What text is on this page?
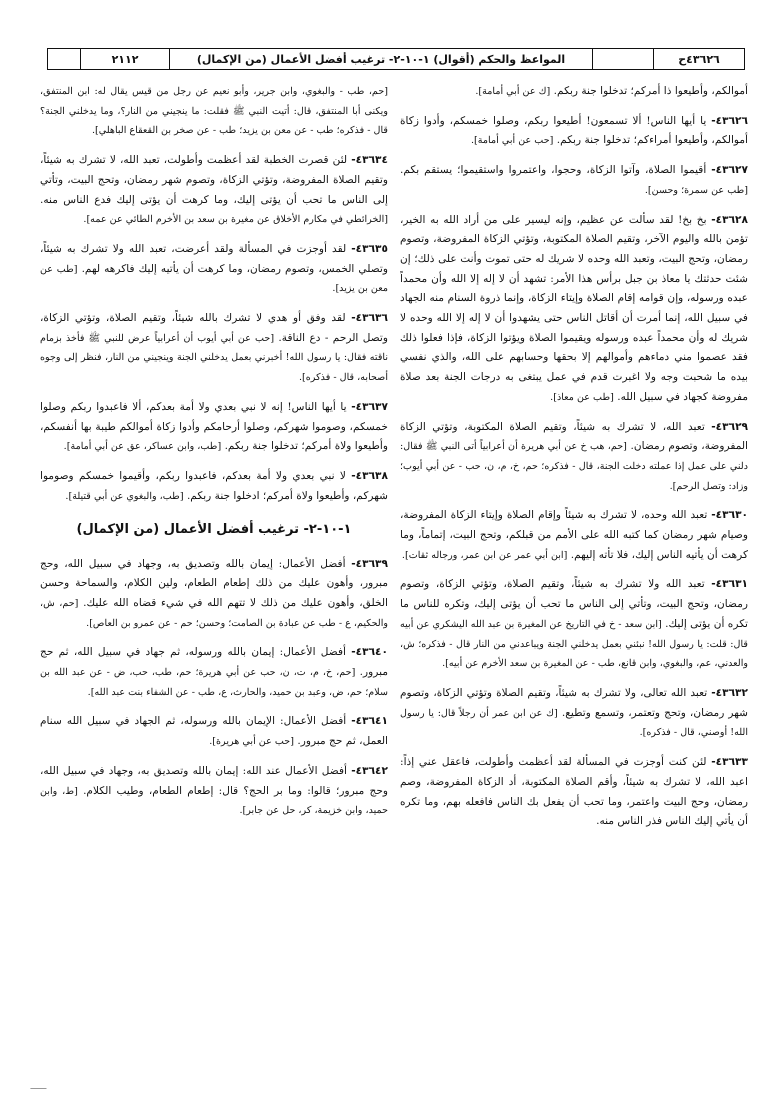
٤٣٦٢٦ح
المواعظ والحكم (أقوال) ١-١٠-٢- ترغيب أفضل الأعمال (من الإكمال)
٢١١٢

أموالكم، وأطيعوا ذا أمركم؛ تدخلوا جنة ربكم. [ك عن أبي أمامة].

٤٣٦٢٦- يا أيها الناس! ألا تسمعون! أطيعوا ربكم، وصلوا خمسكم، وأدوا زكاة أموالكم، وأطيعوا أمراءكم؛ تدخلوا جنة ربكم. [حب عن أبي أمامة].

٤٣٦٢٧- أقيموا الصلاة، وآتوا الزكاة، وحجوا، واعتمروا واستقيموا؛ يستقم بكم. [طب عن سمرة؛ وحسن].

٤٣٦٢٨- بخ بخ! لقد سألت عن عظيم، وإنه ليسير على من أراد الله به الخير، تؤمن بالله واليوم الآخر، وتقيم الصلاة المكتوبة، وتؤتي الزكاة المفروضة، وتصوم رمضان، وتحج البيت، وتعبد الله وحده لا شريك له حتى تموت وأنت على ذلك؛ إن شئت حدثتك يا معاذ بن جبل برأس هذا الأمر: تشهد أن لا إله إلا الله وأن محمداً عبده ورسوله، وإن قوامه إقام الصلاة وإيتاء الزكاة، وإنما ذروة السنام منه الجهاد في سبيل الله، إنما أمرت أن أقاتل الناس حتى يشهدوا أن لا إله إلا الله وحده لا شريك له وأن محمداً عبده ورسوله ويقيموا الصلاة ويؤتوا الزكاة، فإذا فعلوا ذلك فقد عصموا مني دماءهم وأموالهم إلا بحقها وحسابهم على الله، والذي نفسي بيده ما شحبت وجه ولا اغبرت قدم في عمل يبتغى به درجات الجنة بعد صلاة مفروضة كجهاد في سبيل الله. [طب عن معاذ].

٤٣٦٢٩- تعبد الله، لا تشرك به شيئاً، وتقيم الصلاة المكتوبة، وتؤتي الزكاة المفروضة، وتصوم رمضان. [حم، هب خ عن أبي هريرة أن أعرابياً أتى النبي ﷺ فقال: دلني على عمل إذا عملته دخلت الجنة، قال - فذكره؛ حم، خ، م، ن، حب - عن أبي أيوب؛ وزاد: وتصل الرحم].

٤٣٦٣٠- تعبد الله وحده، لا تشرك به شيئاً وإقام الصلاة وإيتاء الزكاة المفروضة، وصيام شهر رمضان كما كتبه الله على الأمم من قبلكم، وتحج البيت، إتماماً، وما كرهت أن يأتيه الناس إليك، فلا تأته إليهم. [ابن أبي عمر عن ابن عمر، ورجاله ثقات].

٤٣٦٣١- تعبد الله ولا تشرك به شيئاً، وتقيم الصلاة، وتؤتي الزكاة، وتصوم رمضان، وتحج البيت، وتأتي إلى الناس ما تحب أن يؤتى إليك، وتكره للناس ما تكره أن يؤتى إليك. [ابن سعد - خ في التاريخ عن المغيرة بن عبد الله اليشكري عن أبيه قال: قلت: يا رسول الله! نبئني بعمل يدخلني الجنة ويباعدني من النار قال - فذكره؛ ش، والعدني، عم، والبغوي، وابن قانع، طب - عن المغيرة بن سعد الأخرم عن أبيه].

٤٣٦٣٢- تعبد الله تعالى، ولا تشرك به شيئاً، وتقيم الصلاة وتؤتي الزكاة، وتصوم شهر رمضان، وتحج وتعتمر، وتسمع وتطيع. [ك عن ابن عمر أن رجلاً قال: يا رسول الله! أوصني، قال - فذكره].

٤٣٦٣٣- لئن كنت أوجزت في المسألة لقد أعظمت وأطولت، فاعقل عني إذاً: اعبد الله، لا تشرك به شيئاً، وأقم الصلاة المكتوبة، أد الزكاة المفروضة، وصم رمضان، وحج البيت واعتمر، وما تحب أن يفعل بك الناس فافعله بهم، وما تكره أن يأتي إليك الناس فذر الناس منه.

[حم، طب - والبغوي، وابن جرير، وأبو نعيم عن رجل من قيس يقال له: ابن المنتفق، ويكنى أبا المنتفق، قال: أتيت النبي ﷺ فقلت: ما ينجيني من النار؟، وما يدخلني الجنة؟ قال - فذكره؛ طب - عن معن بن يزيد؛ طب - عن صخر بن القعقاع الباهلي].

٤٣٦٣٤- لئن قصرت الخطبة لقد أعظمت وأطولت، تعبد الله، لا تشرك به شيئاً، وتقيم الصلاة المفروضة، وتؤتي الزكاة، وتصوم شهر رمضان، وتحج البيت، وتأتي إلى الناس ما تحب أن يؤتى إليك، وما كرهت أن يؤتى إليك فدع الناس منه. [الخرائطي في مكارم الأخلاق عن مغيرة بن سعد بن الأخرم الطائي عن عمه].

٤٣٦٣٥- لقد أوجزت في المسألة ولقد أعرضت، تعبد الله ولا تشرك به شيئاً، وتصلي الخمس، وتصوم رمضان، وما كرهت أن يأتيه إليك فاكرهه لهم. [طب عن معن بن يزيد].

٤٣٦٣٦- لقد وفق أو هدي لا تشرك بالله شيئاً، وتقيم الصلاة، وتؤتي الزكاة، وتصل الرحم - دع الناقة. [حب عن أبي أيوب أن أعرابياً عرض للنبي ﷺ فأخذ بزمام ناقته فقال: يا رسول الله! أخبرني بعمل يدخلني الجنة وينجيني من النار، فنظر إلى وجوه أصحابه، قال - فذكره].

٤٣٦٣٧- يا أيها الناس! إنه لا نبي بعدي ولا أمة بعدكم، ألا فاعبدوا ربكم وصلوا خمسكم، وصوموا شهركم، وصلوا أرحامكم وأدوا زكاة أموالكم طيبة بها أنفسكم، وأطيعوا ولاة أمركم؛ تدخلوا جنة ربكم. [طب، وابن عساكر، عق عن أبي أمامة].

٤٣٦٣٨- لا نبي بعدي ولا أمة بعدكم، فاعبدوا ربكم، وأقيموا خمسكم وصوموا شهركم، وأطيعوا ولاة أمركم؛ ادخلوا جنة ربكم. [طب، والبغوي عن أبي قتيلة].

١-١٠-٢- ترغيب أفضل الأعمال (من الإكمال)

٤٣٦٣٩- أفضل الأعمال: إيمان بالله وتصديق به، وجهاد في سبيل الله، وحج مبرور، وأهون عليك من ذلك إطعام الطعام، ولين الكلام، والسماحة وحسن الخلق، وأهون عليك من ذلك لا تتهم الله في شيء قضاه الله عليك. [حم، ش، والحكيم، ع - طب عن عبادة بن الصامت؛ وحسن؛ حم - عن عمرو بن العاص].

٤٣٦٤٠- أفضل الأعمال: إيمان بالله ورسوله، ثم جهاد في سبيل الله، ثم حج مبرور. [حم، خ، م، ت، ن، حب عن أبي هريرة؛ حم، طب، حب، ض - عن عبد الله بن سلام؛ حم، ض، وعبد بن حميد، والحارث، ع، طب - عن الشفاء بنت عبد الله].

٤٣٦٤١- أفضل الأعمال: الإيمان بالله ورسوله، ثم الجهاد في سبيل الله سنام العمل، ثم حج مبرور. [حب عن أبي هريرة].

٤٣٦٤٢- أفضل الأعمال عند الله: إيمان بالله وتصديق به، وجهاد في سبيل الله، وحج مبرور؛ قالوا: وما بر الحج؟ قال: إطعام الطعام، وطيب الكلام. [ط، وابن حميد، وابن خزيمة، كر، حل عن جابر].

⸺
